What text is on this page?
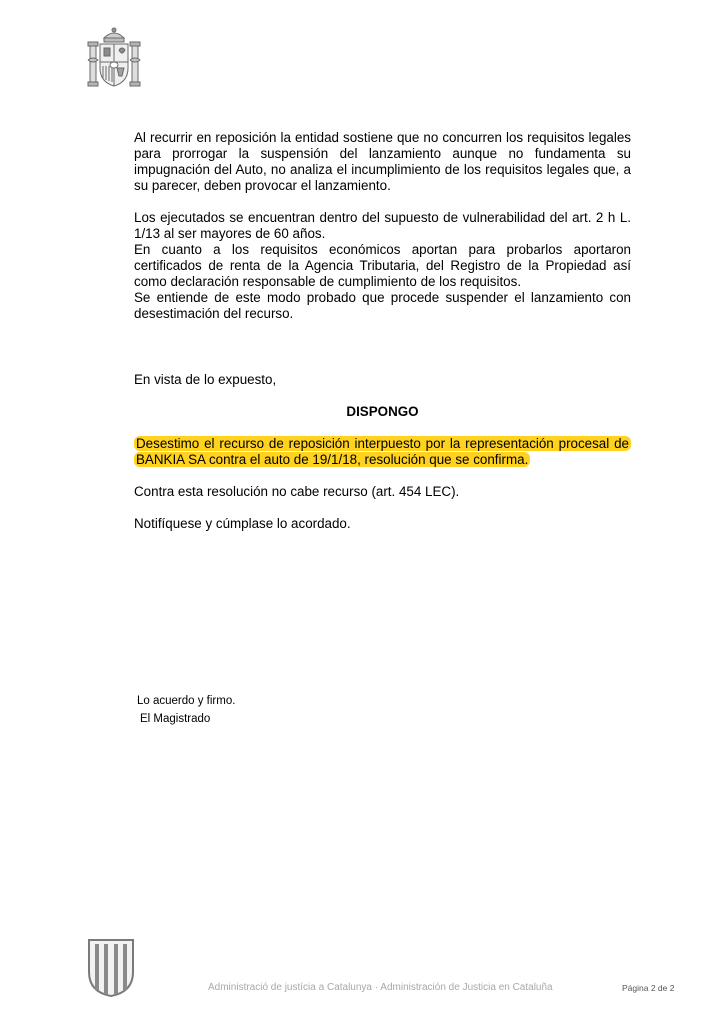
Al recurrir en reposición la entidad sostiene que no concurren los requisitos legales para prorrogar la suspensión del lanzamiento aunque no fundamenta su impugnación del Auto, no analiza el incumplimiento de los requisitos legales que, a su parecer, deben provocar el lanzamiento.

Los ejecutados se encuentran dentro del supuesto de vulnerabilidad del art. 2 h L. 1/13 al ser mayores de 60 años.

En cuanto a los requisitos económicos aportan para probarlos aportaron certificados de renta de la Agencia Tributaria, del Registro de la Propiedad así como declaración responsable de cumplimiento de los requisitos.

Se entiende de este modo probado que procede suspender el lanzamiento con desestimación del recurso.

En vista de lo expuesto,

DISPONGO

Desestimo el recurso de reposición interpuesto por la representación procesal de BANKIA SA contra el auto de 19/1/18, resolución que se confirma.

Contra esta resolución no cabe recurso (art. 454 LEC).

Notifíquese y cúmplase lo acordado.

Lo acuerdo y firmo.
El Magistrado
Administració de justícia a Catalunya · Administración de Justicia en Cataluña	Página 2 de 2
